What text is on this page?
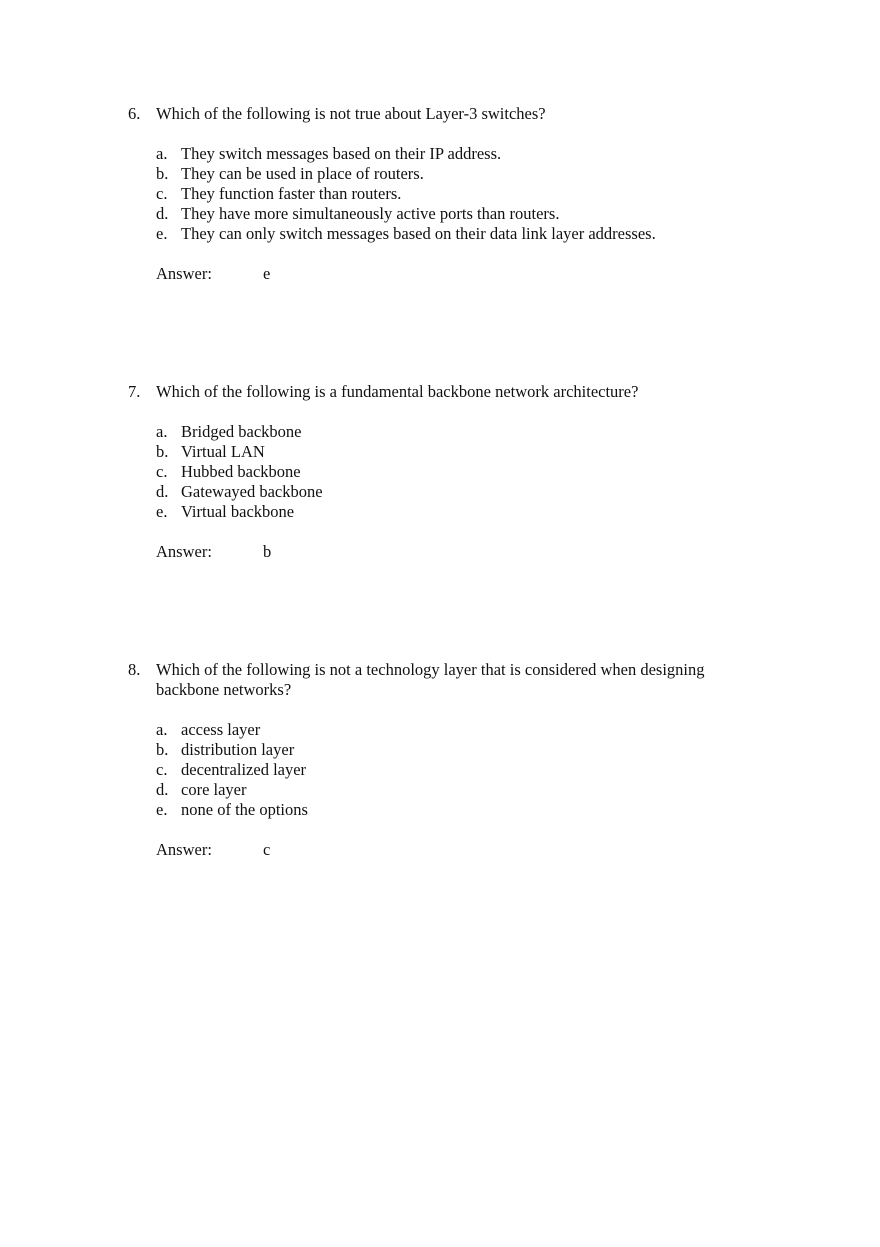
6. Which of the following is not true about Layer-3 switches?
a. They switch messages based on their IP address.
b. They can be used in place of routers.
c. They function faster than routers.
d. They have more simultaneously active ports than routers.
e. They can only switch messages based on their data link layer addresses.
Answer:	e
7. Which of the following is a fundamental backbone network architecture?
a. Bridged backbone
b. Virtual LAN
c. Hubbed backbone
d. Gatewayed backbone
e. Virtual backbone
Answer:	b
8. Which of the following is not a technology layer that is considered when designing backbone networks?
a. access layer
b. distribution layer
c. decentralized layer
d. core layer
e. none of the options
Answer:	c
